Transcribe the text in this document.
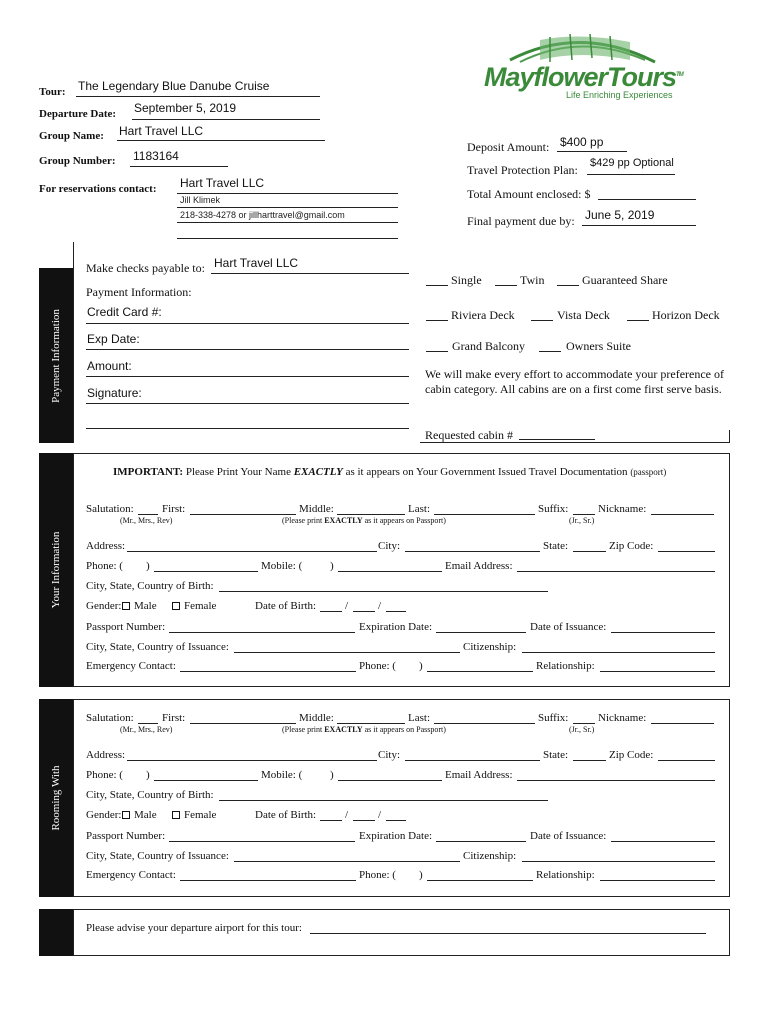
MayflowerTours™
Life Enriching Experiences
Tour: The Legendary Blue Danube Cruise
Departure Date: September 5, 2019
Group Name: Hart Travel LLC
Group Number: 1183164
For reservations contact: Hart Travel LLC
Jill Klimek
218-338-4278 or jillharttravel@gmail.com
Deposit Amount: $400 pp
Travel Protection Plan: $429 pp Optional
Total Amount enclosed: $
Final payment due by: June 5, 2019
Payment Information
Make checks payable to: Hart Travel LLC
Payment Information:
Credit Card #:
Exp Date:
Amount:
Signature:
Single	Twin	Guaranteed Share
Riviera Deck	Vista Deck	Horizon Deck
Grand Balcony	Owners Suite
We will make every effort to accommodate your preference of cabin category. All cabins are on a first come first serve basis.
Requested cabin #
Your Information
IMPORTANT: Please Print Your Name EXACTLY as it appears on Your Government Issued Travel Documentation (passport)
Salutation:	First:	Middle:	Last:	Suffix:	Nickname:
(Mr., Mrs., Rev)	(Please print EXACTLY as it appears on Passport)	(Jr., Sr.)
Address:	City:	State:	Zip Code:
Phone: ( )	Mobile: (	)	Email Address:
City, State, Country of Birth:
Gender:	Male	Female	Date of Birth:	/	/
Passport Number:	Expiration Date:	Date of Issuance:
City, State, Country of Issuance:	Citizenship:
Emergency Contact:	Phone: ( )	Relationship:
Rooming With
Salutation:	First:	Middle:	Last:	Suffix:	Nickname:
(Mr., Mrs., Rev)	(Please print EXACTLY as it appears on Passport)	(Jr., Sr.)
Address:	City:	State:	Zip Code:
Phone: ( )	Mobile: (	)	Email Address:
City, State, Country of Birth:
Gender:	Male	Female	Date of Birth:	/	/
Passport Number:	Expiration Date:	Date of Issuance:
City, State, Country of Issuance:	Citizenship:
Emergency Contact:	Phone: ( )	Relationship:
Please advise your departure airport for this tour:
